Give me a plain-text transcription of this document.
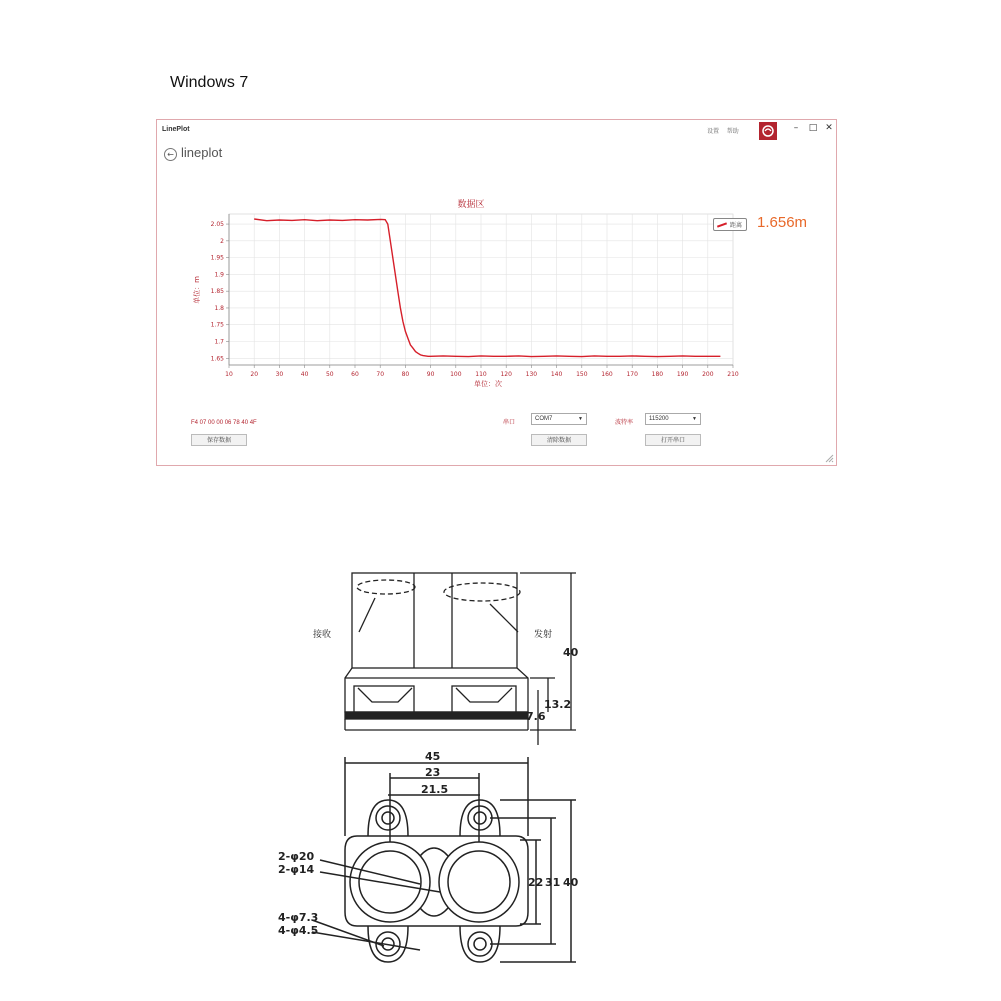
Windows 7
LinePlot	设置 帮助	–	□ ✕
← lineplot
数据区
单位：m
单位：次
10	20	30	40	50	60	70	80	90	100 110 120 130 140 150 160 170 180 190 200 210
1.65
1.7
1.75
1.8
1.85
1.9
1.95
2
2.05	距离 1.656m
F4 07 00 00 06 78 40 4F
保存数据
串口
COM7	▼
清除数据
波特率
115200	▼
打开串口
接收	发射
40
13.2
7.6
45
23
21.5
22 31 40
2-φ20
2-φ14
4-φ7.3
4-φ4.5
